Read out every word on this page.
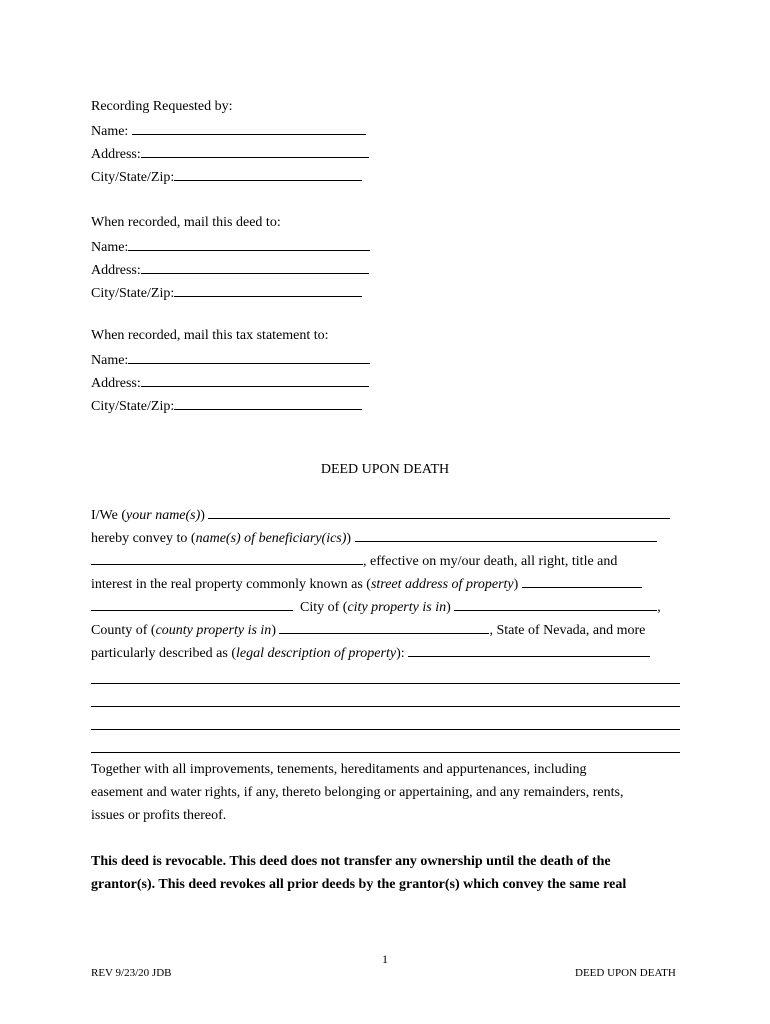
Recording Requested by:
Name:
Address:
City/State/Zip:
When recorded, mail this deed to:
Name:
Address:
City/State/Zip:
When recorded, mail this tax statement to:
Name:
Address:
City/State/Zip:
DEED UPON DEATH
I/We (your name(s))
hereby convey to (name(s) of beneficiary(ics))
, effective on my/our death, all right, title and
interest in the real property commonly known as (street address of property)
City of (city property is in)	,
County of (county property is in)	, State of Nevada, and more
particularly described as (legal description of property):
Together with all improvements, tenements, hereditaments and appurtenances, including
easement and water rights, if any, thereto belonging or appertaining, and any remainders, rents,
issues or profits thereof.
This deed is revocable. This deed does not transfer any ownership until the death of the
grantor(s). This deed revokes all prior deeds by the grantor(s) which convey the same real
1
REV 9/23/20 JDB	DEED UPON DEATH
